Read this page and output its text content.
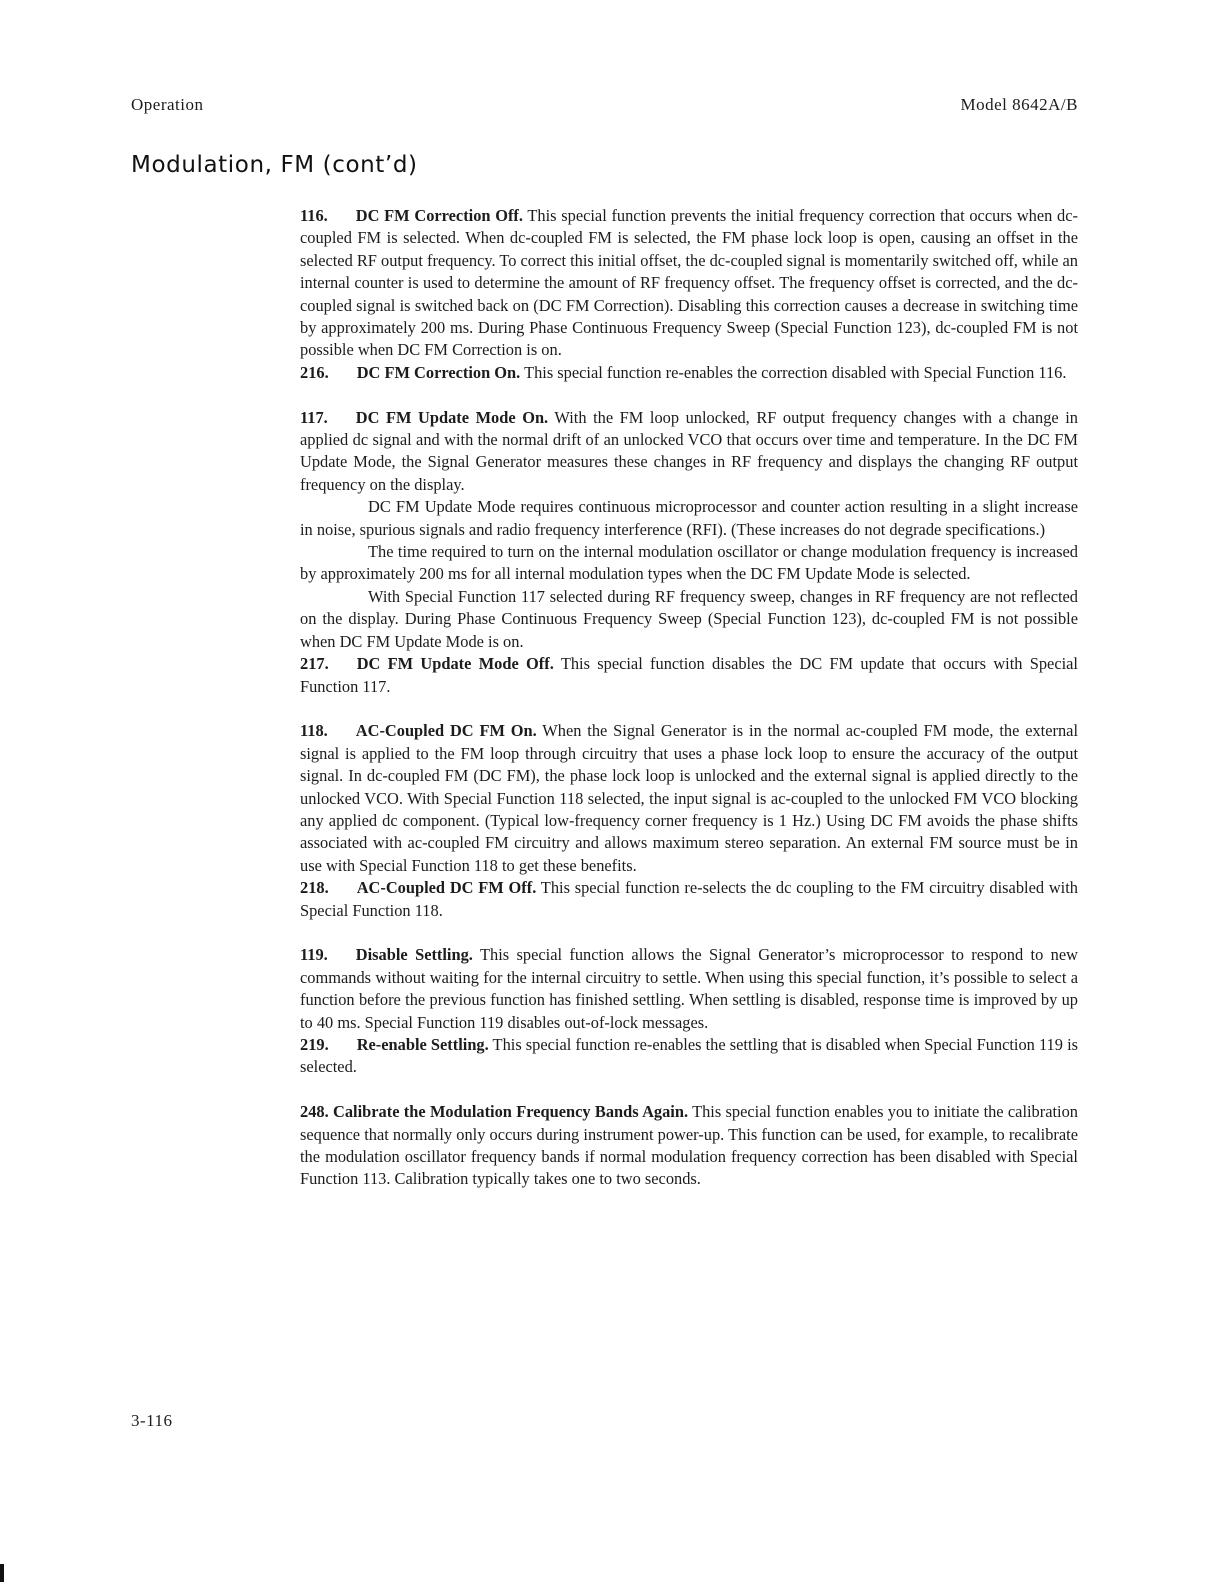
Operation	Model 8642A/B
Modulation, FM (cont’d)

116. DC FM Correction Off. This special function prevents the initial frequency correction that occurs when dc-coupled FM is selected. When dc-coupled FM is selected, the FM phase lock loop is open, causing an offset in the selected RF output frequency. To correct this initial offset, the dc-coupled signal is momentarily switched off, while an internal counter is used to determine the amount of RF frequency offset. The frequency offset is corrected, and the dc-coupled signal is switched back on (DC FM Correction). Disabling this correction causes a decrease in switching time by approximately 200 ms. During Phase Continuous Frequency Sweep (Special Function 123), dc-coupled FM is not possible when DC FM Correction is on.

216. DC FM Correction On. This special function re-enables the correction disabled with Special Function 116.

117. DC FM Update Mode On. With the FM loop unlocked, RF output frequency changes with a change in applied dc signal and with the normal drift of an unlocked VCO that occurs over time and temperature. In the DC FM Update Mode, the Signal Generator measures these changes in RF frequency and displays the changing RF output frequency on the display.

DC FM Update Mode requires continuous microprocessor and counter action resulting in a slight increase in noise, spurious signals and radio frequency interference (RFI). (These increases do not degrade specifications.)

The time required to turn on the internal modulation oscillator or change modulation frequency is increased by approximately 200 ms for all internal modulation types when the DC FM Update Mode is selected.

With Special Function 117 selected during RF frequency sweep, changes in RF frequency are not reflected on the display. During Phase Continuous Frequency Sweep (Special Function 123), dc-coupled FM is not possible when DC FM Update Mode is on.

217. DC FM Update Mode Off. This special function disables the DC FM update that occurs with Special Function 117.

118. AC-Coupled DC FM On. When the Signal Generator is in the normal ac-coupled FM mode, the external signal is applied to the FM loop through circuitry that uses a phase lock loop to ensure the accuracy of the output signal. In dc-coupled FM (DC FM), the phase lock loop is unlocked and the external signal is applied directly to the unlocked VCO. With Special Function 118 selected, the input signal is ac-coupled to the unlocked FM VCO blocking any applied dc component. (Typical low-frequency corner frequency is 1 Hz.) Using DC FM avoids the phase shifts associated with ac-coupled FM circuitry and allows maximum stereo separation. An external FM source must be in use with Special Function 118 to get these benefits.

218. AC-Coupled DC FM Off. This special function re-selects the dc coupling to the FM circuitry disabled with Special Function 118.

119. Disable Settling. This special function allows the Signal Generator’s microprocessor to respond to new commands without waiting for the internal circuitry to settle. When using this special function, it’s possible to select a function before the previous function has finished settling. When settling is disabled, response time is improved by up to 40 ms. Special Function 119 disables out-of-lock messages.

219. Re-enable Settling. This special function re-enables the settling that is disabled when Special Function 119 is selected.

248. Calibrate the Modulation Frequency Bands Again. This special function enables you to initiate the calibration sequence that normally only occurs during instrument power-up. This function can be used, for example, to recalibrate the modulation oscillator frequency bands if normal modulation frequency correction has been disabled with Special Function 113. Calibration typically takes one to two seconds.

3-116
